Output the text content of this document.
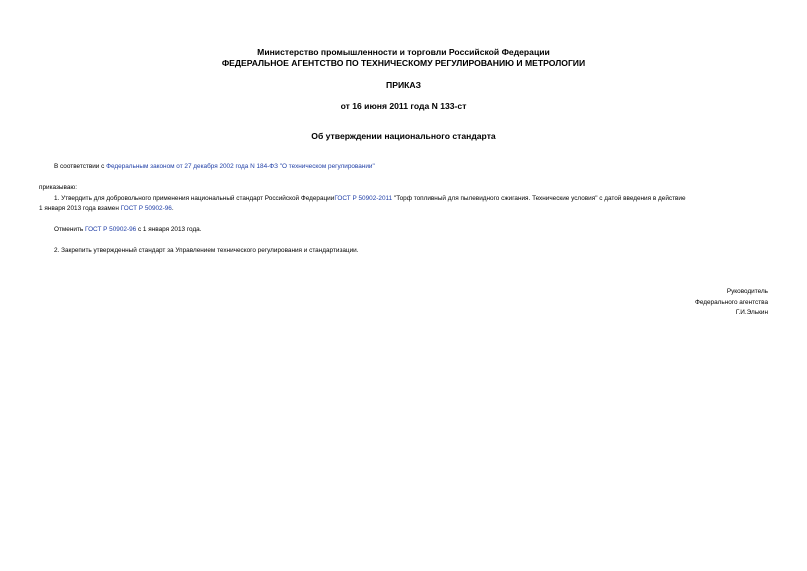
Министерство промышленности и торговли Российской Федерации
ФЕДЕРАЛЬНОЕ АГЕНТСТВО ПО ТЕХНИЧЕСКОМУ РЕГУЛИРОВАНИЮ И МЕТРОЛОГИИ
ПРИКАЗ
от 16 июня 2011 года N 133-ст
Об утверждении национального стандарта
В соответствии с Федеральным законом от 27 декабря 2002 года N 184-ФЗ "О техническом регулировании"
приказываю:
1. Утвердить для добровольного применения национальный стандарт Российской ФедерацииГОСТ Р 50902-2011 "Торф топливный для пылевидного сжигания. Технические условия" с датой введения в действие
1 января 2013 года взамен ГОСТ Р 50902-96.
Отменить ГОСТ Р 50902-96 с 1 января 2013 года.
2. Закрепить утвержденный стандарт за Управлением технического регулирования и стандартизации.
Руководитель
Федерального агентства
Г.И.Элькин
